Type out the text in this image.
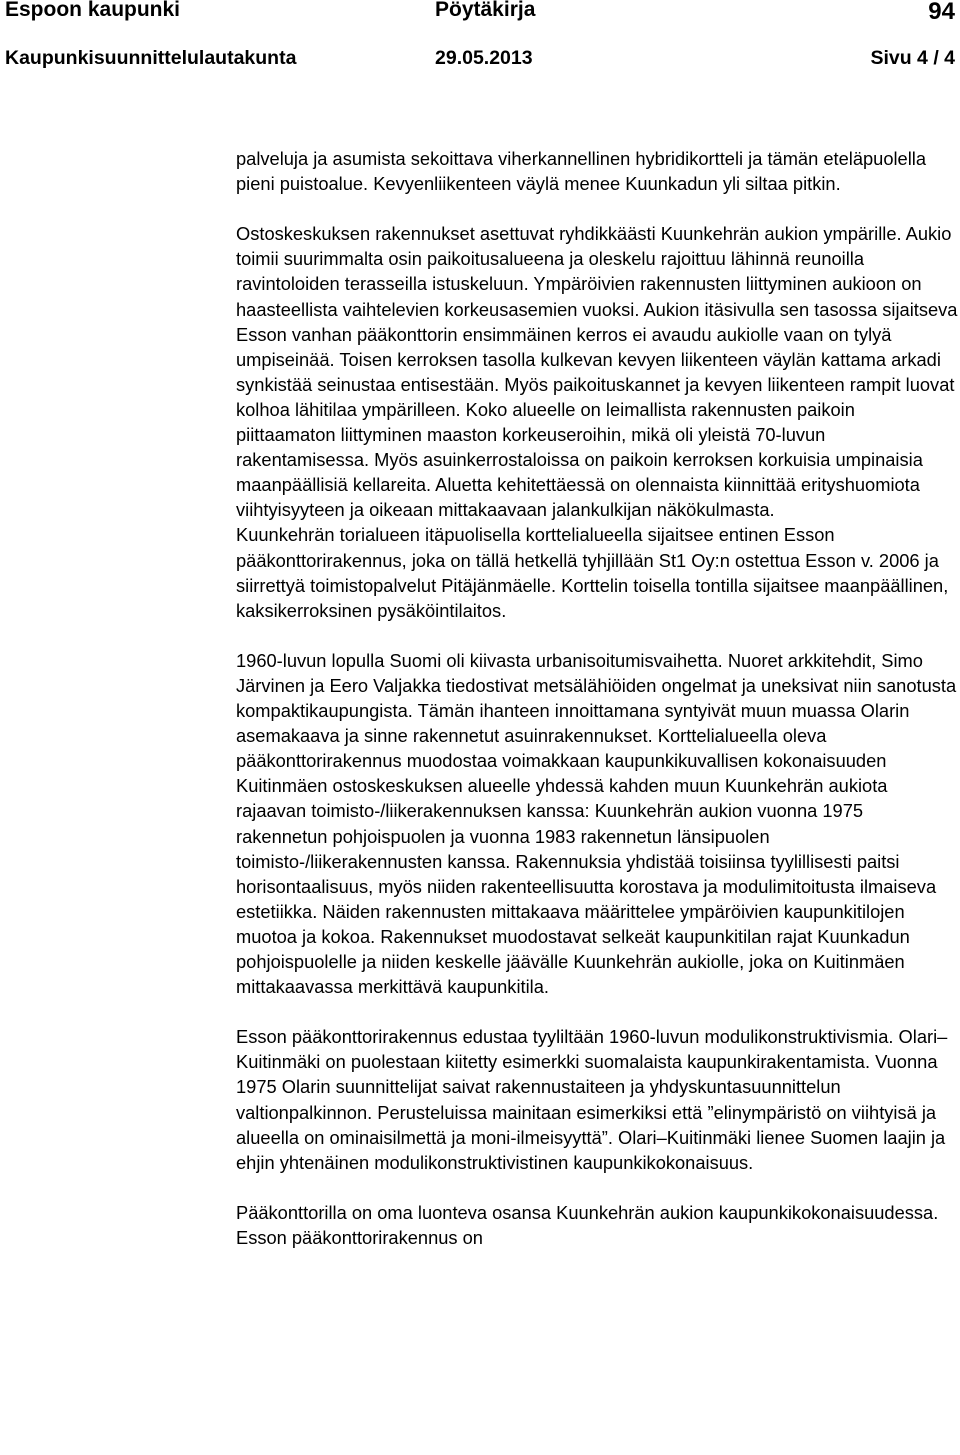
Espoon kaupunki	Pöytäkirja	94
Kaupunkisuunnittelulautakunta	29.05.2013	Sivu 4 / 4

palveluja ja asumista sekoittava viherkannellinen hybridikortteli ja tämän eteläpuolella pieni puistoalue. Kevyenliikenteen väylä menee Kuunkadun yli siltaa pitkin.

Ostoskeskuksen rakennukset asettuvat ryhdikkäästi Kuunkehrän aukion ympärille. Aukio toimii suurimmalta osin paikoitusalueena ja oleskelu rajoittuu lähinnä reunoilla ravintoloiden terasseilla istuskeluun. Ympäröivien rakennusten liittyminen aukioon on haasteellista vaihtelevien korkeusasemien vuoksi. Aukion itäsivulla sen tasossa sijaitseva Esson vanhan pääkonttorin ensimmäinen kerros ei avaudu aukiolle vaan on tylyä umpiseinää. Toisen kerroksen tasolla kulkevan kevyen liikenteen väylän kattama arkadi synkistää seinustaa entisestään. Myös paikoituskannet ja kevyen liikenteen rampit luovat kolhoa lähitilaa ympärilleen. Koko alueelle on leimallista rakennusten paikoin piittaamaton liittyminen maaston korkeuseroihin, mikä oli yleistä 70-luvun rakentamisessa. Myös asuinkerrostaloissa on paikoin kerroksen korkuisia umpinaisia maanpäällisiä kellareita. Aluetta kehitettäessä on olennaista kiinnittää erityshuomiota viihtyisyyteen ja oikeaan mittakaavaan jalankulkijan näkökulmasta.

Kuunkehrän torialueen itäpuolisella korttelialueella sijaitsee entinen Esson pääkonttorirakennus, joka on tällä hetkellä tyhjillään St1 Oy:n ostettua Esson v. 2006 ja siirrettyä toimistopalvelut Pitäjänmäelle. Korttelin toisella tontilla sijaitsee maanpäällinen, kaksikerroksinen pysäköintilaitos.

1960-luvun lopulla Suomi oli kiivasta urbanisoitumisvaihetta. Nuoret arkkitehdit, Simo Järvinen ja Eero Valjakka tiedostivat metsälähiöiden ongelmat ja uneksivat niin sanotusta kompaktikaupungista. Tämän ihanteen innoittamana syntyivät muun muassa Olarin asemakaava ja sinne rakennetut asuinrakennukset. Korttelialueella oleva pääkonttorirakennus muodostaa voimakkaan kaupunkikuvallisen kokonaisuuden Kuitinmäen ostoskeskuksen alueelle yhdessä kahden muun Kuunkehrän aukiota rajaavan toimisto-/liikerakennuksen kanssa: Kuunkehrän aukion vuonna 1975 rakennetun pohjoispuolen ja vuonna 1983 rakennetun länsipuolen toimisto-/liikerakennusten kanssa. Rakennuksia yhdistää toisiinsa tyylillisesti paitsi horisontaalisuus, myös niiden rakenteellisuutta korostava ja modulimitoitusta ilmaiseva estetiikka. Näiden rakennusten mittakaava määrittelee ympäröivien kaupunkitilojen muotoa ja kokoa. Rakennukset muodostavat selkeät kaupunkitilan rajat Kuunkadun pohjoispuolelle ja niiden keskelle jäävälle Kuunkehrän aukiolle, joka on Kuitinmäen mittakaavassa merkittävä kaupunkitila.

Esson pääkonttorirakennus edustaa tyyliltään 1960-luvun modulikonstruktivismia. Olari–Kuitinmäki on puolestaan kiitetty esimerkki suomalaista kaupunkirakentamista. Vuonna 1975 Olarin suunnittelijat saivat rakennustaiteen ja yhdyskuntasuunnittelun valtionpalkinnon. Perusteluissa mainitaan esimerkiksi että ”elinympäristö on viihtyisä ja alueella on ominaisilmettä ja moni-ilmeisyyttä”. Olari–Kuitinmäki lienee Suomen laajin ja ehjin yhtenäinen modulikonstruktivistinen kaupunkikokonaisuus.

Pääkonttorilla on oma luonteva osansa Kuunkehrän aukion kaupunkikokonaisuudessa. Esson pääkonttorirakennus on
